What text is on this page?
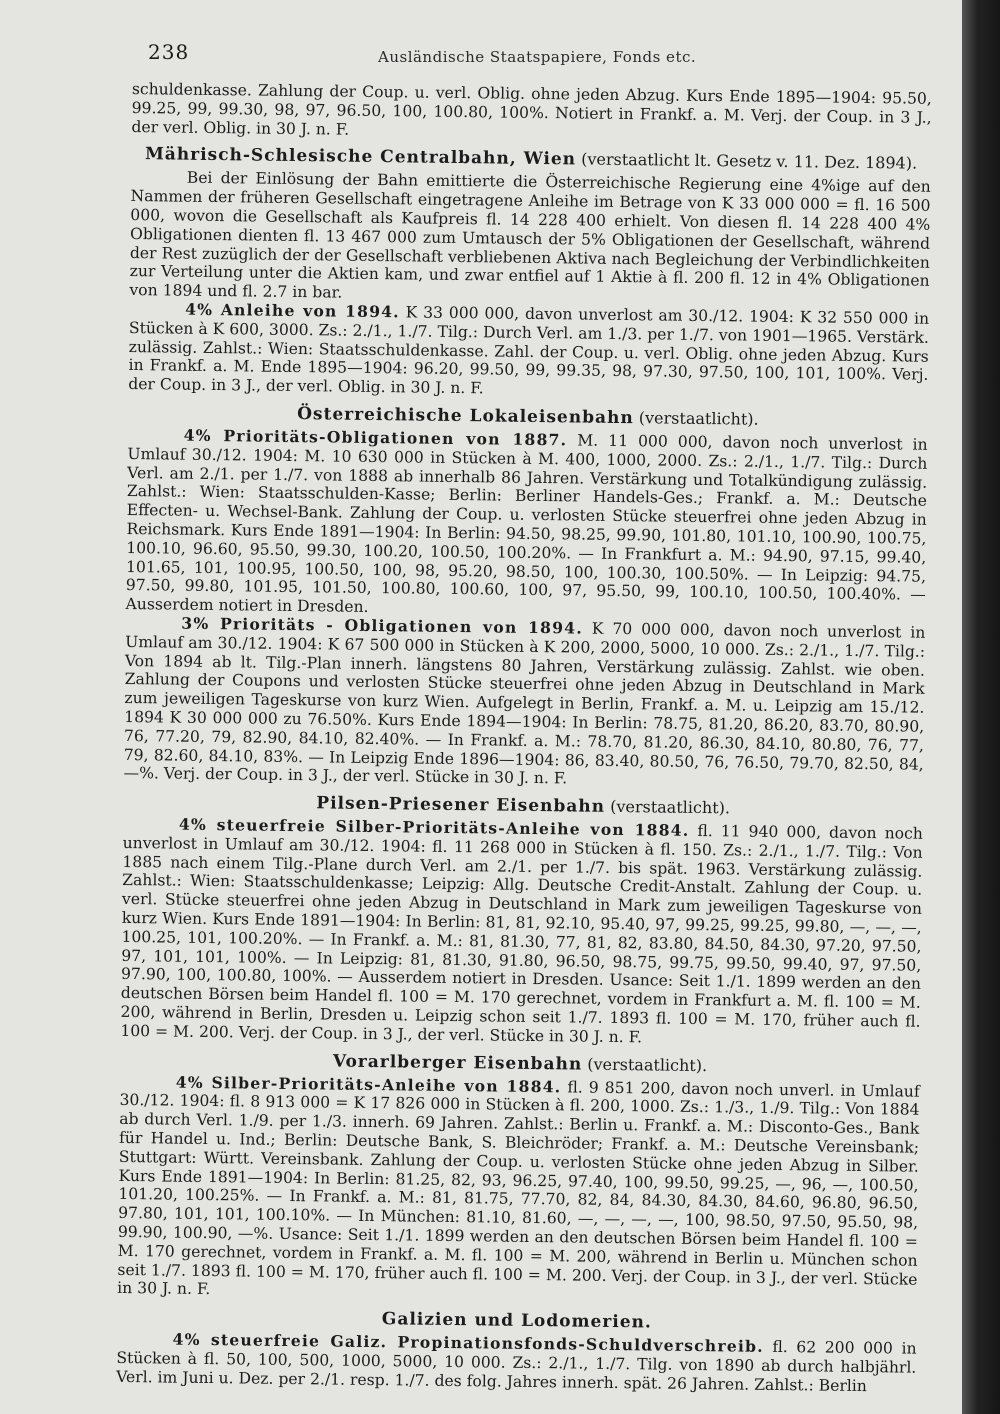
238	Ausländische Staatspapiere, Fonds etc.

schuldenkasse. Zahlung der Coup. u. verl. Oblig. ohne jeden Abzug. Kurs Ende 1895—1904: 95.50, 99.25, 99, 99.30, 98, 97, 96.50, 100, 100.80, 100%. Notiert in Frankf. a. M. Verj. der Coup. in 3 J., der verl. Oblig. in 30 J. n. F.

Mährisch-Schlesische Centralbahn, Wien (verstaatlicht lt. Gesetz v. 11. Dez. 1894).

Bei der Einlösung der Bahn emittierte die Österreichische Regierung eine 4%ige auf den Nammen der früheren Gesellschaft eingetragene Anleihe im Betrage von K 33 000 000 = fl. 16 500 000, wovon die Gesellschaft als Kaufpreis fl. 14 228 400 erhielt. Von diesen fl. 14 228 400 4% Obligationen dienten fl. 13 467 000 zum Umtausch der 5% Obligationen der Gesellschaft, während der Rest zuzüglich der der Gesellschaft verbliebenen Aktiva nach Begleichung der Verbindlichkeiten zur Verteilung unter die Aktien kam, und zwar entfiel auf 1 Aktie à fl. 200 fl. 12 in 4% Obligationen von 1894 und fl. 2.7 in bar.

4% Anleihe von 1894. K 33 000 000, davon unverlost am 30./12. 1904: K 32 550 000 in Stücken à K 600, 3000. Zs.: 2./1., 1./7. Tilg.: Durch Verl. am 1./3. per 1./7. von 1901—1965. Verstärk. zulässig. Zahlst.: Wien: Staatsschuldenkasse. Zahl. der Coup. u. verl. Oblig. ohne jeden Abzug. Kurs in Frankf. a. M. Ende 1895—1904: 96.20, 99.50, 99, 99.35, 98, 97.30, 97.50, 100, 101, 100%. Verj. der Coup. in 3 J., der verl. Oblig. in 30 J. n. F.

Österreichische Lokaleisenbahn (verstaatlicht).

4% Prioritäts-Obligationen von 1887. M. 11 000 000, davon noch unverlost in Umlauf 30./12. 1904: M. 10 630 000 in Stücken à M. 400, 1000, 2000. Zs.: 2./1., 1./7. Tilg.: Durch Verl. am 2./1. per 1./7. von 1888 ab innerhalb 86 Jahren. Verstärkung und Totalkündigung zulässig. Zahlst.: Wien: Staatsschulden-Kasse; Berlin: Berliner Handels-Ges.; Frankf. a. M.: Deutsche Effecten- u. Wechsel-Bank. Zahlung der Coup. u. verlosten Stücke steuerfrei ohne jeden Abzug in Reichsmark. Kurs Ende 1891—1904: In Berlin: 94.50, 98.25, 99.90, 101.80, 101.10, 100.90, 100.75, 100.10, 96.60, 95.50, 99.30, 100.20, 100.50, 100.20%. — In Frankfurt a. M.: 94.90, 97.15, 99.40, 101.65, 101, 100.95, 100.50, 100, 98, 95.20, 98.50, 100, 100.30, 100.50%. — In Leipzig: 94.75, 97.50, 99.80, 101.95, 101.50, 100.80, 100.60, 100, 97, 95.50, 99, 100.10, 100.50, 100.40%. — Ausserdem notiert in Dresden.

3% Prioritäts - Obligationen von 1894. K 70 000 000, davon noch unverlost in Umlauf am 30./12. 1904: K 67 500 000 in Stücken à K 200, 2000, 5000, 10 000. Zs.: 2./1., 1./7. Tilg.: Von 1894 ab lt. Tilg.-Plan innerh. längstens 80 Jahren, Verstärkung zulässig. Zahlst. wie oben. Zahlung der Coupons und verlosten Stücke steuerfrei ohne jeden Abzug in Deutschland in Mark zum jeweiligen Tageskurse von kurz Wien. Aufgelegt in Berlin, Frankf. a. M. u. Leipzig am 15./12. 1894 K 30 000 000 zu 76.50%. Kurs Ende 1894—1904: In Berlin: 78.75, 81.20, 86.20, 83.70, 80.90, 76, 77.20, 79, 82.90, 84.10, 82.40%. — In Frankf. a. M.: 78.70, 81.20, 86.30, 84.10, 80.80, 76, 77, 79, 82.60, 84.10, 83%. — In Leipzig Ende 1896—1904: 86, 83.40, 80.50, 76, 76.50, 79.70, 82.50, 84, —%. Verj. der Coup. in 3 J., der verl. Stücke in 30 J. n. F.

Pilsen-Priesener Eisenbahn (verstaatlicht).

4% steuerfreie Silber-Prioritäts-Anleihe von 1884. fl. 11 940 000, davon noch unverlost in Umlauf am 30./12. 1904: fl. 11 268 000 in Stücken à fl. 150. Zs.: 2./1., 1./7. Tilg.: Von 1885 nach einem Tilg.-Plane durch Verl. am 2./1. per 1./7. bis spät. 1963. Verstärkung zulässig. Zahlst.: Wien: Staatsschuldenkasse; Leipzig: Allg. Deutsche Credit-Anstalt. Zahlung der Coup. u. verl. Stücke steuerfrei ohne jeden Abzug in Deutschland in Mark zum jeweiligen Tageskurse von kurz Wien. Kurs Ende 1891—1904: In Berlin: 81, 81, 92.10, 95.40, 97, 99.25, 99.25, 99.80, —, —, —, 100.25, 101, 100.20%. — In Frankf. a. M.: 81, 81.30, 77, 81, 82, 83.80, 84.50, 84.30, 97.20, 97.50, 97, 101, 101, 100%. — In Leipzig: 81, 81.30, 91.80, 96.50, 98.75, 99.75, 99.50, 99.40, 97, 97.50, 97.90, 100, 100.80, 100%. — Ausserdem notiert in Dresden. Usance: Seit 1./1. 1899 werden an den deutschen Börsen beim Handel fl. 100 = M. 170 gerechnet, vordem in Frankfurt a. M. fl. 100 = M. 200, während in Berlin, Dresden u. Leipzig schon seit 1./7. 1893 fl. 100 = M. 170, früher auch fl. 100 = M. 200. Verj. der Coup. in 3 J., der verl. Stücke in 30 J. n. F.

Vorarlberger Eisenbahn (verstaatlicht).

4% Silber-Prioritäts-Anleihe von 1884. fl. 9 851 200, davon noch unverl. in Umlauf 30./12. 1904: fl. 8 913 000 = K 17 826 000 in Stücken à fl. 200, 1000. Zs.: 1./3., 1./9. Tilg.: Von 1884 ab durch Verl. 1./9. per 1./3. innerh. 69 Jahren. Zahlst.: Berlin u. Frankf. a. M.: Disconto-Ges., Bank für Handel u. Ind.; Berlin: Deutsche Bank, S. Bleichröder; Frankf. a. M.: Deutsche Vereinsbank; Stuttgart: Württ. Vereinsbank. Zahlung der Coup. u. verlosten Stücke ohne jeden Abzug in Silber. Kurs Ende 1891—1904: In Berlin: 81.25, 82, 93, 96.25, 97.40, 100, 99.50, 99.25, —, 96, —, 100.50, 101.20, 100.25%. — In Frankf. a. M.: 81, 81.75, 77.70, 82, 84, 84.30, 84.30, 84.60, 96.80, 96.50, 97.80, 101, 101, 100.10%. — In München: 81.10, 81.60, —, —, —, —, 100, 98.50, 97.50, 95.50, 98, 99.90, 100.90, —%. Usance: Seit 1./1. 1899 werden an den deutschen Börsen beim Handel fl. 100 = M. 170 gerechnet, vordem in Frankf. a. M. fl. 100 = M. 200, während in Berlin u. München schon seit 1./7. 1893 fl. 100 = M. 170, früher auch fl. 100 = M. 200. Verj. der Coup. in 3 J., der verl. Stücke in 30 J. n. F.

Galizien und Lodomerien.

4% steuerfreie Galiz. Propinationsfonds-Schuldverschreib. fl. 62 200 000 in Stücken à fl. 50, 100, 500, 1000, 5000, 10 000. Zs.: 2./1., 1./7. Tilg. von 1890 ab durch halbjährl. Verl. im Juni u. Dez. per 2./1. resp. 1./7. des folg. Jahres innerh. spät. 26 Jahren. Zahlst.: Berlin
